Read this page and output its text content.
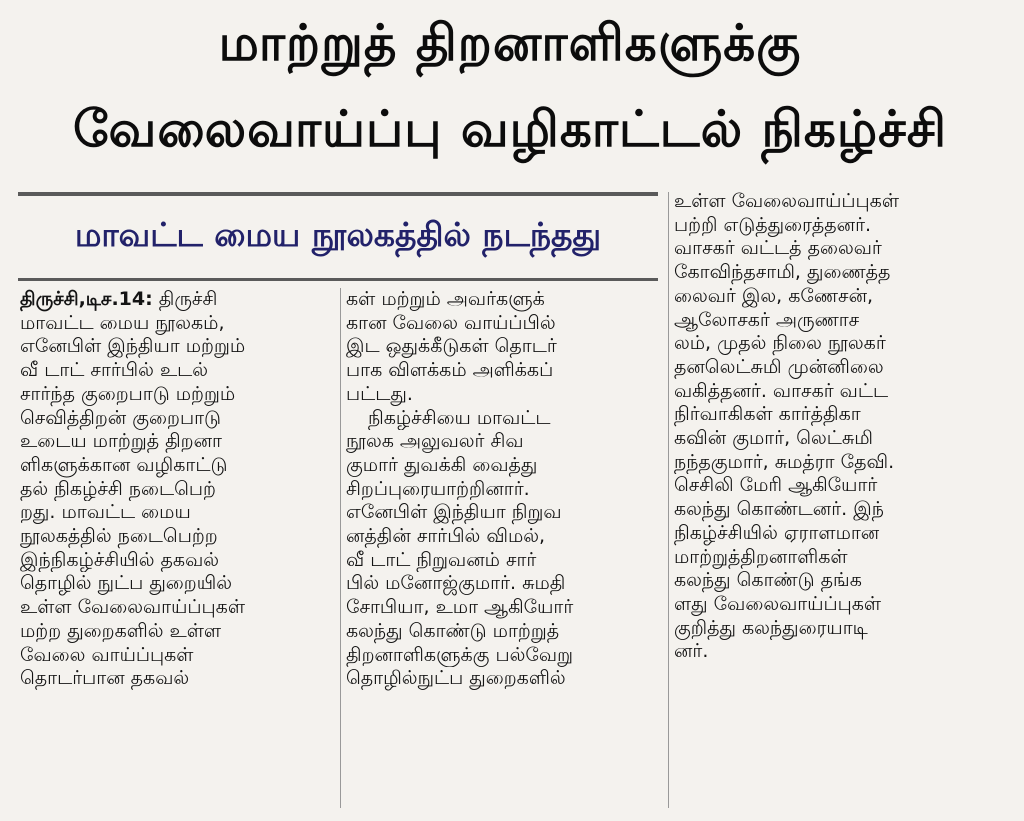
மாற்றுத் திறனாளிகளுக்கு
வேலைவாய்ப்பு வழிகாட்டல் நிகழ்ச்சி
மாவட்ட மைய நூலகத்தில் நடந்தது

திருச்சி,டிச.14: திருச்சி

மாவட்ட மைய நூலகம்,

எனேபிள் இந்தியா மற்றும்

வீ டாட் சார்பில் உடல்

சார்ந்த குறைபாடு மற்றும்

செவித்திறன் குறைபாடு

உடைய மாற்றுத் திறனா

ளிகளுக்கான வழிகாட்டு

தல் நிகழ்ச்சி நடைபெற்

றது. மாவட்ட மைய

நூலகத்தில் நடைபெற்ற

இந்நிகழ்ச்சியில் தகவல்

தொழில் நுட்ப துறையில்

உள்ள வேலைவாய்ப்புகள்

மற்ற துறைகளில் உள்ள

வேலை வாய்ப்புகள்

தொடர்பான தகவல்

கள் மற்றும் அவர்களுக்

கான வேலை வாய்ப்பில்

இட ஒதுக்கீடுகள் தொடர்

பாக விளக்கம் அளிக்கப்

பட்டது.

நிகழ்ச்சியை மாவட்ட

நூலக அலுவலர் சிவ

குமார் துவக்கி வைத்து

சிறப்புரையாற்றினார்.

எனேபிள் இந்தியா நிறுவ

னத்தின் சார்பில் விமல்,

வீ டாட் நிறுவனம் சார்

பில் மனோஜ்குமார். சுமதி

சோபியா, உமா ஆகியோர்

கலந்து கொண்டு மாற்றுத்

திறனாளிகளுக்கு பல்வேறு

தொழில்நுட்ப துறைகளில்

உள்ள வேலைவாய்ப்புகள்

பற்றி எடுத்துரைத்தனர்.

வாசகர் வட்டத் தலைவர்

கோவிந்தசாமி, துணைத்த

லைவர் இல, கணேசன்,

ஆலோசகர் அருணாச

லம், முதல் நிலை நூலகர்

தனலெட்சுமி முன்னிலை

வகித்தனர். வாசகர் வட்ட

நிர்வாகிகள் கார்த்திகா

கவின் குமார், லெட்சுமி

நந்தகுமார், சுமத்ரா தேவி.

செசிலி மேரி ஆகியோர்

கலந்து கொண்டனர். இந்

நிகழ்ச்சியில் ஏராளமான

மாற்றுத்திறனாளிகள்

கலந்து கொண்டு தங்க

ளது வேலைவாய்ப்புகள்

குறித்து கலந்துரையாடி

னர்.
